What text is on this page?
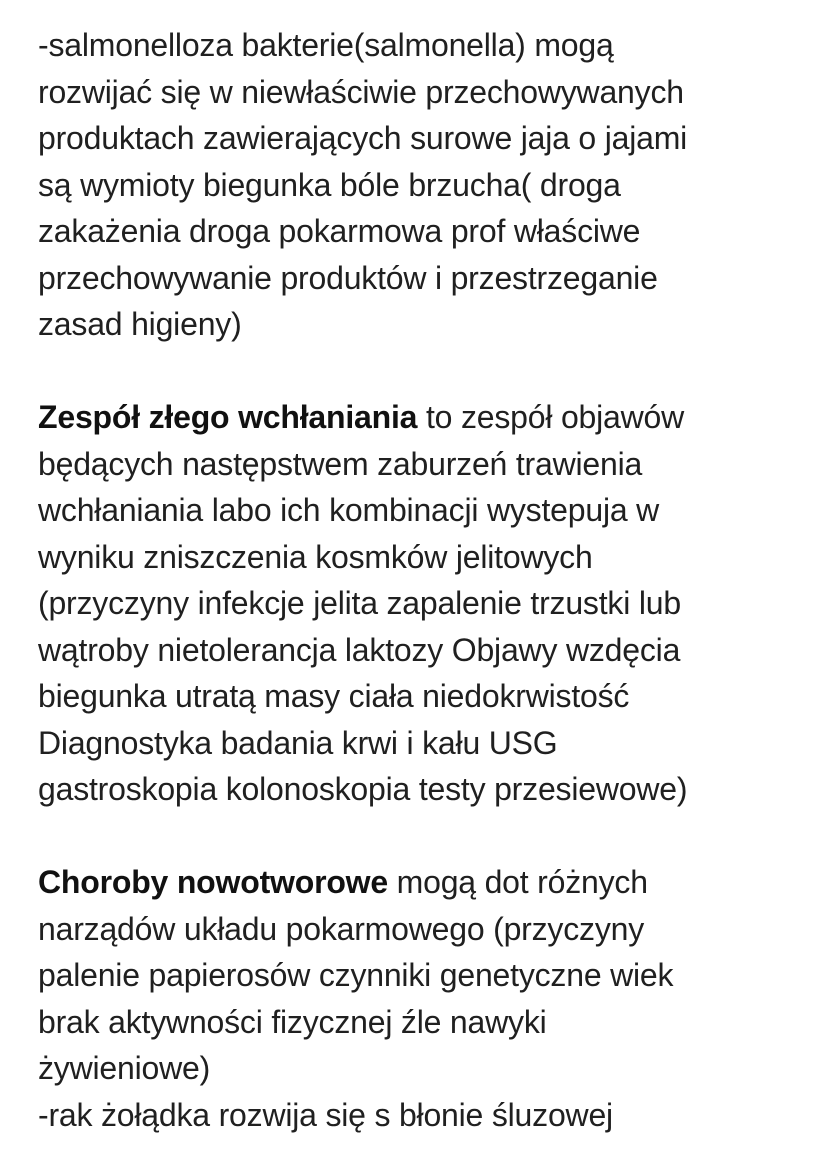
-salmonelloza bakterie(salmonella) mogą
rozwijać się w niewłaściwie przechowywanych
produktach zawierających surowe jaja o jajami
są wymioty biegunka bóle brzucha( droga
zakażenia droga pokarmowa prof właściwe
przechowywanie produktów i przestrzeganie
zasad higieny)
Zespół złego wchłaniania to zespół objawów
będących następstwem zaburzeń trawienia
wchłaniania labo ich kombinacji wystepuja w
wyniku zniszczenia kosmków jelitowych
(przyczyny infekcje jelita zapalenie trzustki lub
wątroby nietolerancja laktozy Objawy wzdęcia
biegunka utratą masy ciała niedokrwistość
Diagnostyka badania krwi i kału USG
gastroskopia kolonoskopia testy przesiewowe)
Choroby nowotworowe mogą dot różnych
narządów układu pokarmowego (przyczyny
palenie papierosów czynniki genetyczne wiek
brak aktywności fizycznej źle nawyki
żywieniowe)
-rak żołądka rozwija się s błonie śluzowej
